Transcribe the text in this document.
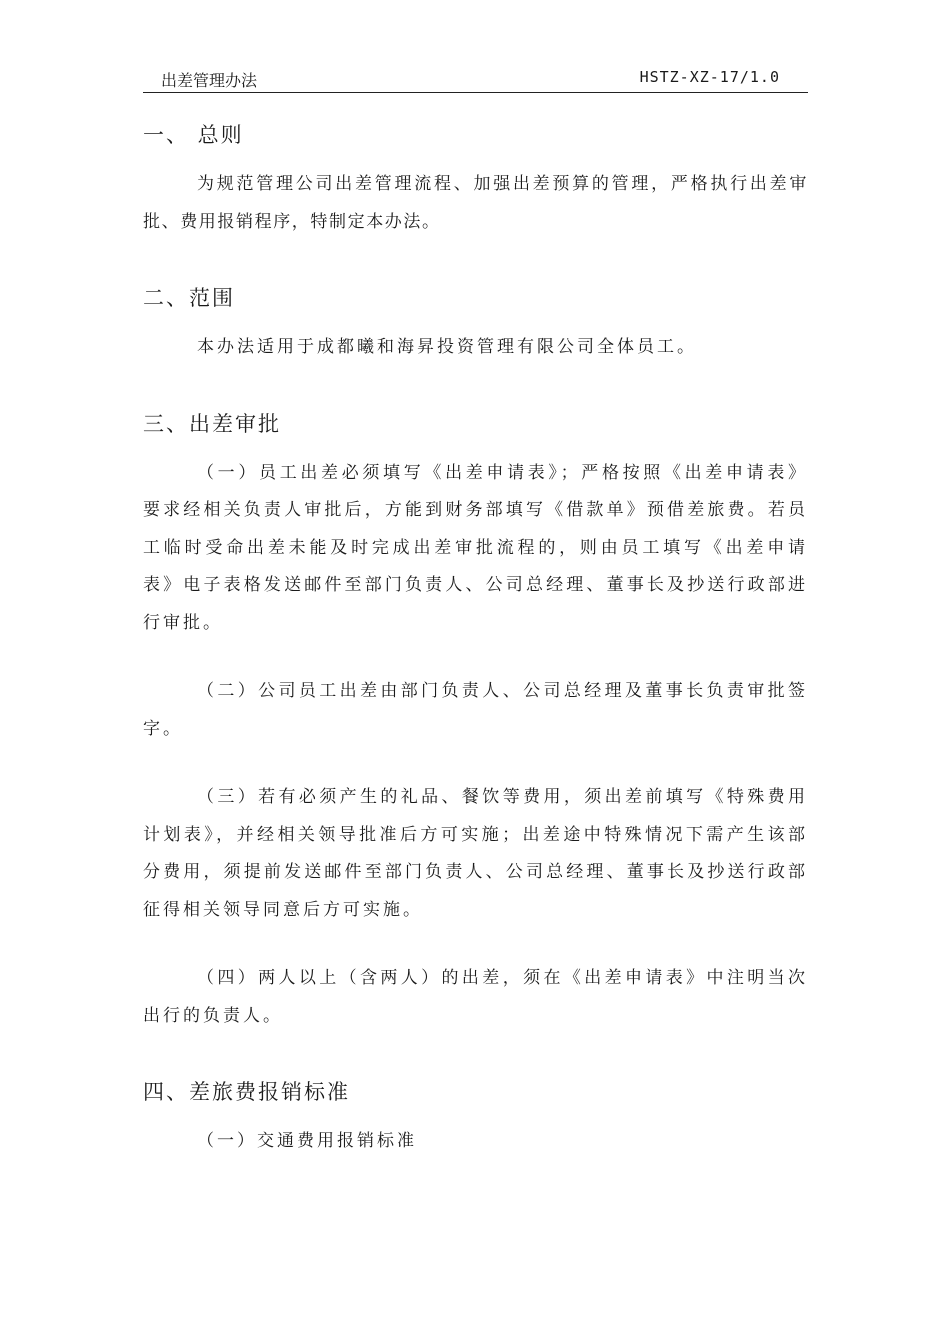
出差管理办法	HSTZ-XZ-17/1.0
一、 总则

为规范管理公司出差管理流程、加强出差预算的管理，严格执行出差审批、费用报销程序，特制定本办法。

二、范围

本办法适用于成都曦和海昇投资管理有限公司全体员工。

三、出差审批

（一）员工出差必须填写《出差申请表》；严格按照《出差申请表》要求经相关负责人审批后，方能到财务部填写《借款单》预借差旅费。若员工临时受命出差未能及时完成出差审批流程的，则由员工填写《出差申请表》电子表格发送邮件至部门负责人、公司总经理、董事长及抄送行政部进行审批。

（二）公司员工出差由部门负责人、公司总经理及董事长负责审批签字。

（三）若有必须产生的礼品、餐饮等费用，须出差前填写《特殊费用计划表》，并经相关领导批准后方可实施；出差途中特殊情况下需产生该部分费用，须提前发送邮件至部门负责人、公司总经理、董事长及抄送行政部征得相关领导同意后方可实施。

（四）两人以上（含两人）的出差，须在《出差申请表》中注明当次出行的负责人。

四、差旅费报销标准

（一）交通费用报销标准
